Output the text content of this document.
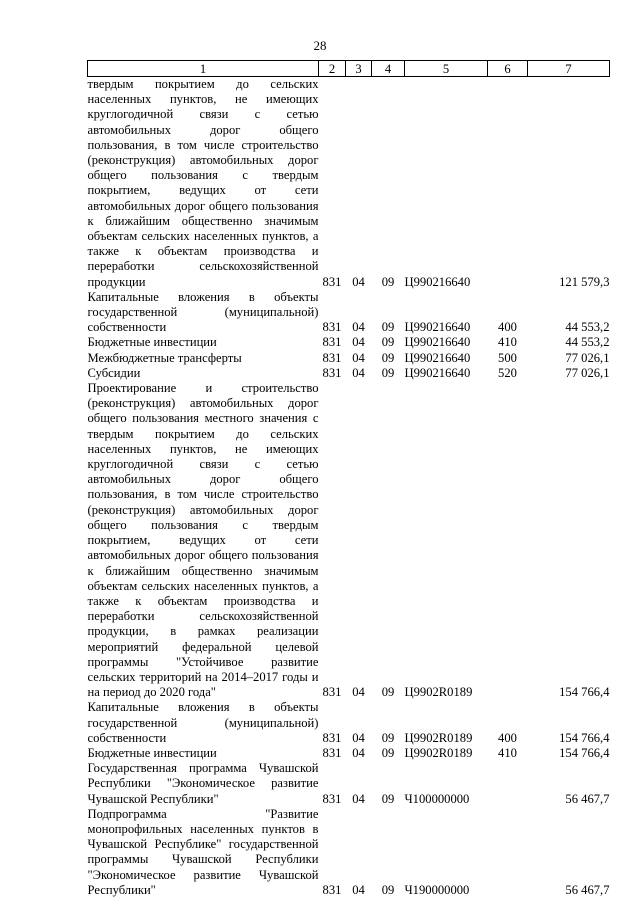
28
1	2	3	4	5	6	7
твердым покрытием до сельских населенных пунктов, не имеющих круглогодичной связи с сетью автомобильных дорог общего пользования, в том числе строительство (реконструкция) автомобильных дорог общего пользования с твердым покрытием, ведущих от сети автомобильных дорог общего пользования к ближайшим общественно значимым объектам сельских населенных пунктов, а также к объектам производства и переработки сельскохозяйственной продукции	831	04	09	Ц990216640		121 579,3
Капитальные вложения в объекты государственной (муниципальной) собственности	831	04	09	Ц990216640	400	44 553,2
Бюджетные инвестиции	831	04	09	Ц990216640	410	44 553,2
Межбюджетные трансферты	831	04	09	Ц990216640	500	77 026,1
Субсидии	831	04	09	Ц990216640	520	77 026,1
Проектирование и строительство (реконструкция) автомобильных дорог общего пользования местного значения с твердым покрытием до сельских населенных пунктов, не имеющих круглогодичной связи с сетью автомобильных дорог общего пользования, в том числе строительство (реконструкция) автомобильных дорог общего пользования с твердым покрытием, ведущих от сети автомобильных дорог общего пользования к ближайшим общественно значимым объектам сельских населенных пунктов, а также к объектам производства и переработки сельскохозяйственной продукции, в рамках реализации мероприятий федеральной целевой программы "Устойчивое развитие сельских территорий на 2014–2017 годы и на период до 2020 года"	831	04	09	Ц9902R0189		154 766,4
Капитальные вложения в объекты государственной (муниципальной) собственности	831	04	09	Ц9902R0189	400	154 766,4
Бюджетные инвестиции	831	04	09	Ц9902R0189	410	154 766,4
Государственная программа Чувашской Республики "Экономическое развитие Чувашской Республики"	831	04	09	Ч100000000		56 467,7
Подпрограмма "Развитие монопрофильных населенных пунктов в Чувашской Республике" государственной программы Чувашской Республики "Экономическое развитие Чувашской Республики"	831	04	09	Ч190000000		56 467,7
